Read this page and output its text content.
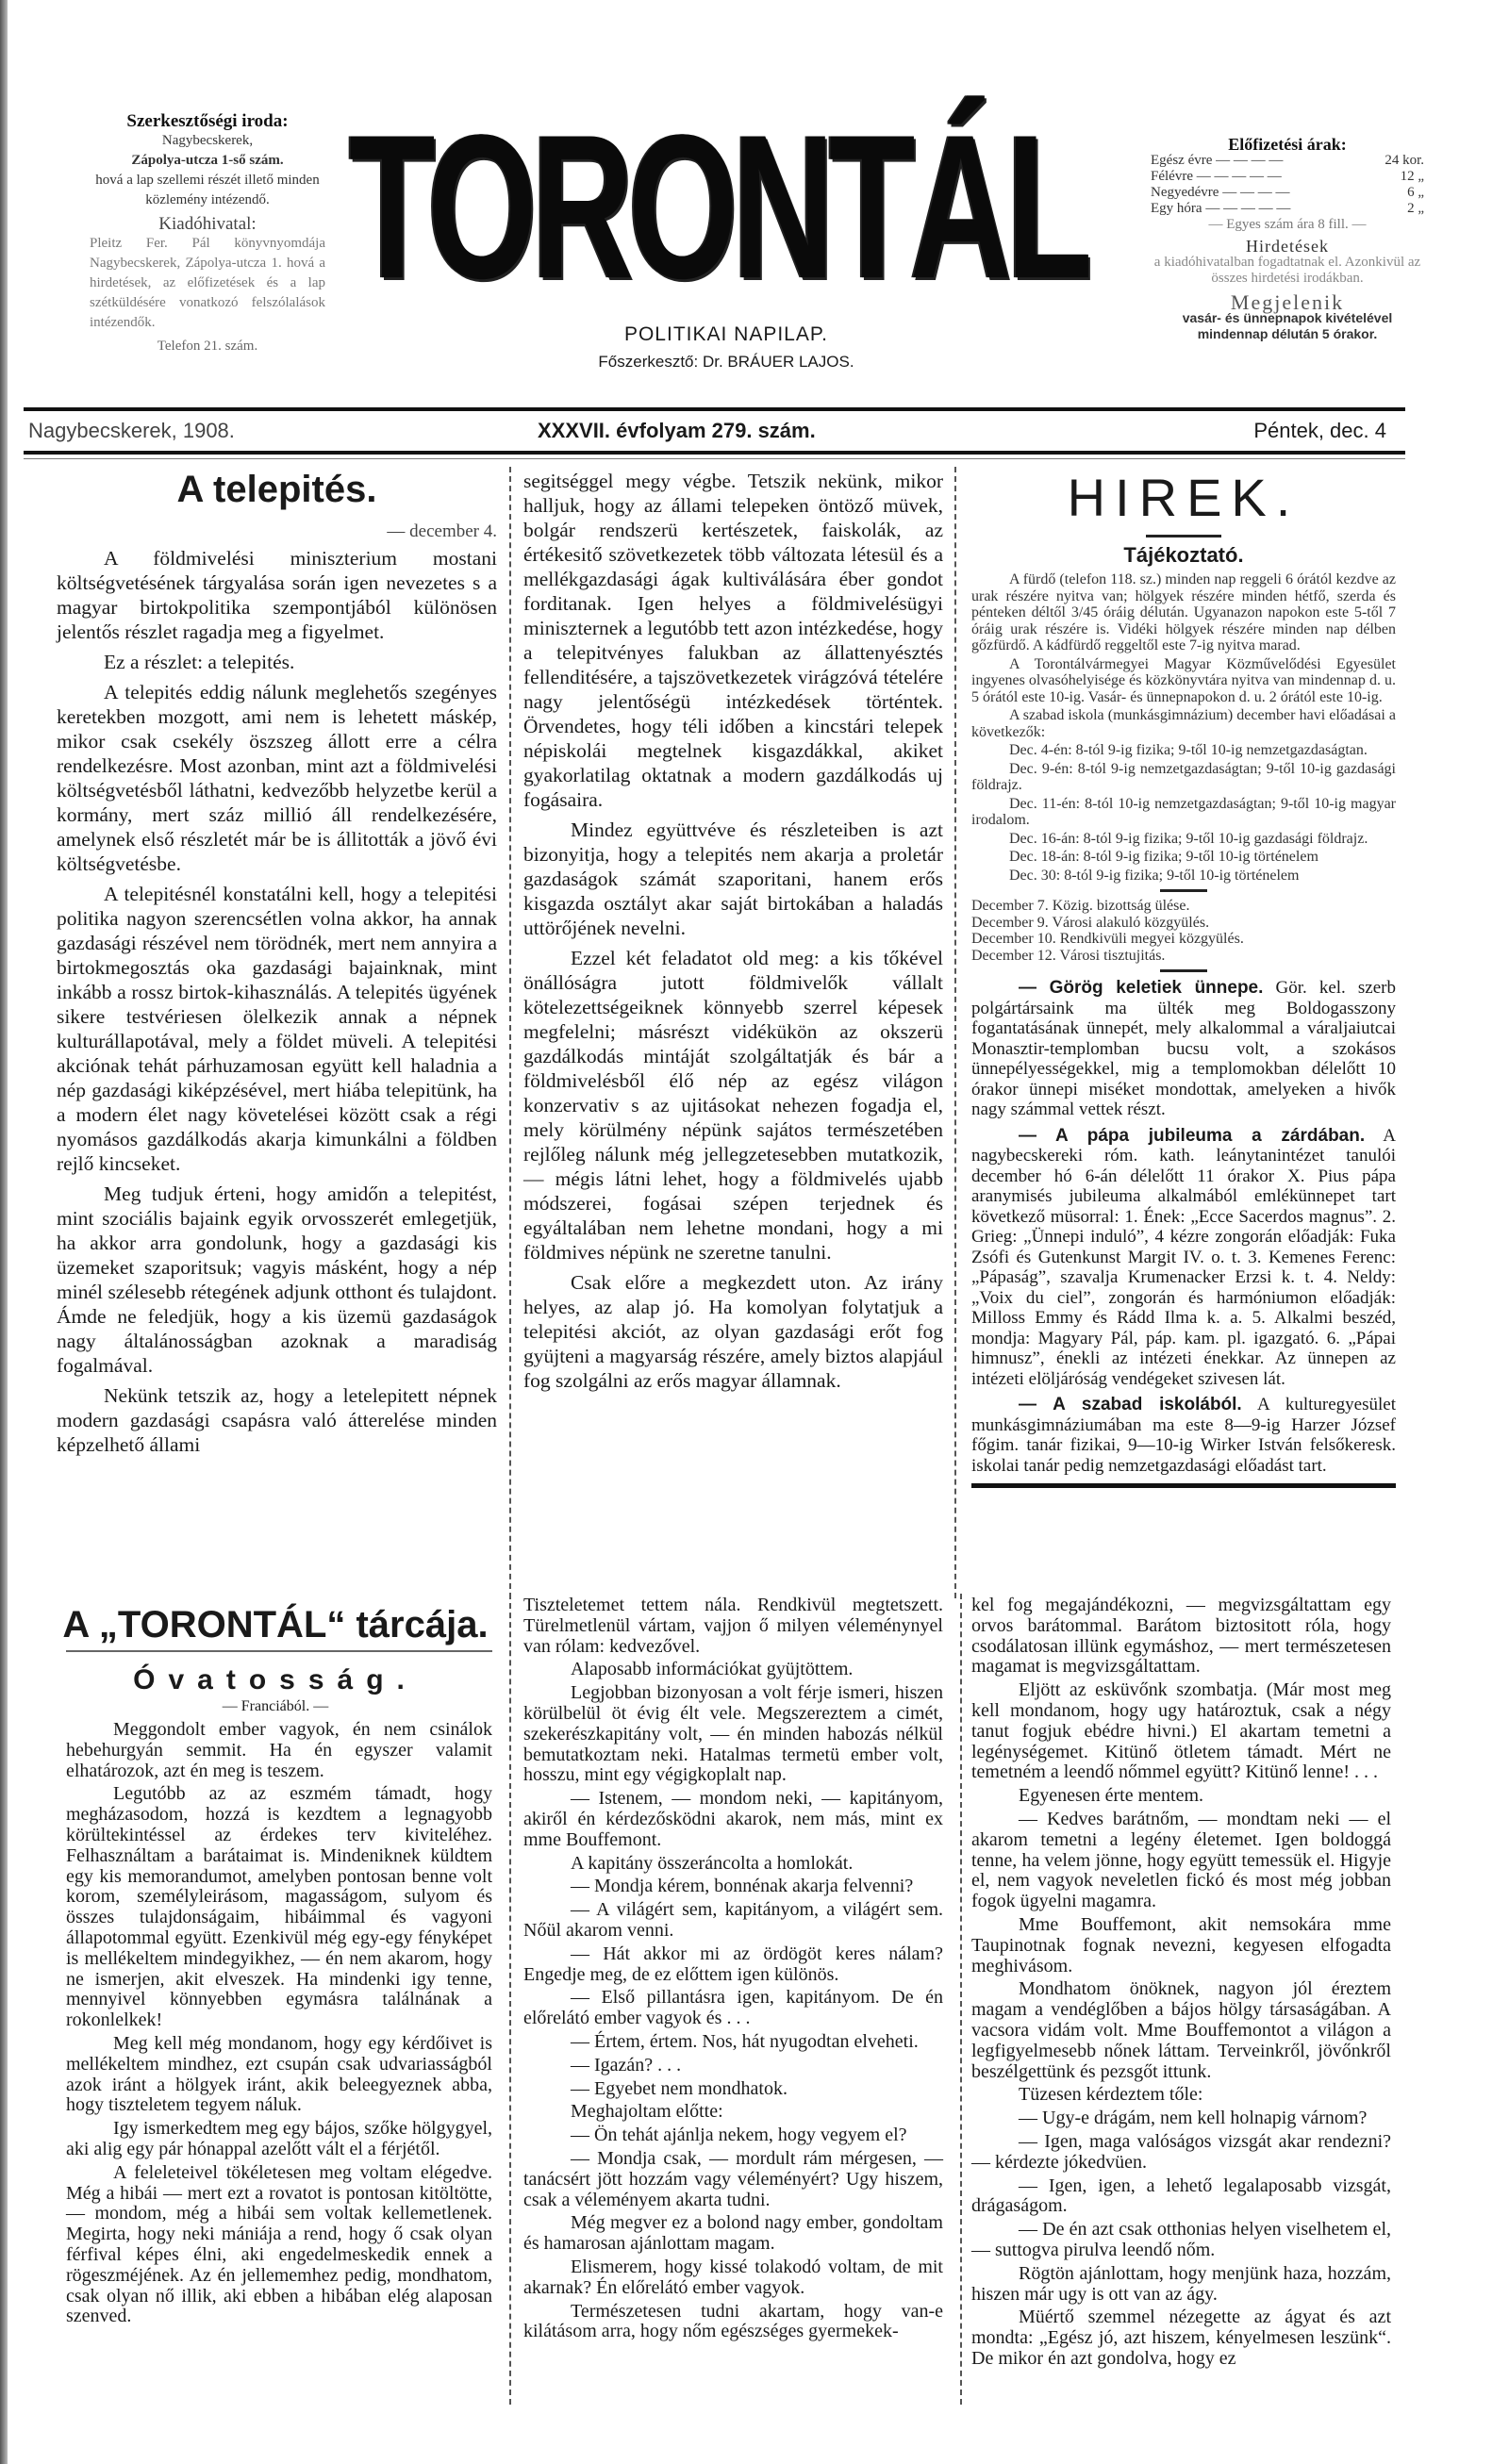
Szerkesztőségi iroda:
Nagybecskerek,
Zápolya-utcza 1-ső szám.
hová a lap szellemi részét illető minden közlemény intézendő.
Kiadóhivatal:
Pleitz Fer. Pál könyvnyomdája Nagybecskerek, Zápolya-utcza 1. hová a hirdetések, az előfizetések és a lap szétküldésére vonatkozó felszólalások intézendők.
Telefon 21. szám.
TORONTÁL
POLITIKAI NAPILAP.
Főszerkesztő: Dr. BRÁUER LAJOS.
Előfizetési árak:
Egész évre — — — —	24 kor.
Félévre — — — — —	12 „
Negyedévre — — — —	6 „
Egy hóra — — — — —	2 „
— Egyes szám ára 8 fill. —
Hirdetések
a kiadóhivatalban fogadtatnak el. Azonkivül az összes hirdetési irodákban.
Megjelenik
vasár- és ünnepnapok kivételével mindennap délután 5 órakor.
Nagybecskerek, 1908.	XXXVII. évfolyam 279. szám.	Péntek, dec. 4
A telepités.
— december 4.

A földmivelési miniszterium mostani költségvetésének tárgyalása során igen nevezetes s a magyar birtokpolitika szempontjából különösen jelentős részlet ragadja meg a figyelmet.

Ez a részlet: a telepités.

A telepités eddig nálunk meglehetős szegényes keretekben mozgott, ami nem is lehetett máskép, mikor csak csekély öszszeg állott erre a célra rendelkezésre. Most azonban, mint azt a földmivelési költségvetésből láthatni, kedvezőbb helyzetbe kerül a kormány, mert száz millió áll rendelkezésére, amelynek első részletét már be is állitották a jövő évi költségvetésbe.

A telepitésnél konstatálni kell, hogy a telepitési politika nagyon szerencsétlen volna akkor, ha annak gazdasági részével nem törödnék, mert nem annyira a birtokmegosztás oka gazdasági bajainknak, mint inkább a rossz birtok-kihasználás. A telepités ügyének sikere testvériesen ölelkezik annak a népnek kulturállapotával, mely a földet müveli. A telepitési akciónak tehát párhuzamosan együtt kell haladnia a nép gazdasági kiképzésével, mert hiába telepitünk, ha a modern élet nagy követelései között csak a régi nyomásos gazdálkodás akarja kimunkálni a földben rejlő kincseket.

Meg tudjuk érteni, hogy amidőn a telepitést, mint szociális bajaink egyik orvosszerét emlegetjük, ha akkor arra gondolunk, hogy a gazdasági kis üzemeket szaporitsuk; vagyis másként, hogy a nép minél szélesebb rétegének adjunk otthont és tulajdont. Ámde ne feledjük, hogy a kis üzemü gazdaságok nagy általánosságban azoknak a maradiság fogalmával.

Nekünk tetszik az, hogy a letelepitett népnek modern gazdasági csapásra való átterelése minden képzelhető állami

segitséggel megy végbe. Tetszik nekünk, mikor halljuk, hogy az állami telepeken öntöző müvek, bolgár rendszerü kertészetek, faiskolák, az értékesitő szövetkezetek több változata létesül és a mellékgazdasági ágak kultiválására éber gondot forditanak. Igen helyes a földmivelésügyi miniszternek a legutóbb tett azon intézkedése, hogy a telepitvényes falukban az állattenyésztés fellenditésére, a tajszövetkezetek virágzóvá tételére nagy jelentőségü intézkedések történtek. Örvendetes, hogy téli időben a kincstári telepek népiskolái megtelnek kisgazdákkal, akiket gyakorlatilag oktatnak a modern gazdálkodás uj fogásaira.

Mindez együttvéve és részleteiben is azt bizonyitja, hogy a telepités nem akarja a proletár gazdaságok számát szaporitani, hanem erős kisgazda osztályt akar saját birtokában a haladás uttörőjének nevelni.

Ezzel két feladatot old meg: a kis tőkével önállóságra jutott földmivelők vállalt kötelezettségeiknek könnyebb szerrel képesek megfelelni; másrészt vidékükön az okszerü gazdálkodás mintáját szolgáltatják és bár a földmivelésből élő nép az egész világon konzervativ s az ujitásokat nehezen fogadja el, mely körülmény népünk sajátos természetében rejlőleg nálunk még jellegzetesebben mutatkozik, — mégis látni lehet, hogy a földmivelés ujabb módszerei, fogásai szépen terjednek és egyáltalában nem lehetne mondani, hogy a mi földmives népünk ne szeretne tanulni.

Csak előre a megkezdett uton. Az irány helyes, az alap jó. Ha komolyan folytatjuk a telepitési akciót, az olyan gazdasági erőt fog gyüjteni a magyarság részére, amely biztos alapjául fog szolgálni az erős magyar államnak.

HIREK.
Tájékoztató.

A fürdő (telefon 118. sz.) minden nap reggeli 6 órától kezdve az urak részére nyitva van; hölgyek részére minden hétfő, szerda és pénteken déltől 3/45 óráig délután. Ugyanazon napokon este 5-től 7 óráig urak részére is. Vidéki hölgyek részére minden nap délben gőzfürdő. A kádfürdő reggeltől este 7-ig nyitva marad.

A Torontálvármegyei Magyar Közművelődési Egyesület ingyenes olvasóhelyisége és közkönyvtára nyitva van mindennap d. u. 5 órától este 10-ig. Vasár- és ünnepnapokon d. u. 2 órától este 10-ig.

A szabad iskola (munkásgimnázium) december havi előadásai a következők:

Dec. 4-én: 8-tól 9-ig fizika; 9-től 10-ig nemzetgazdaságtan.

Dec. 9-én: 8-tól 9-ig nemzetgazdaságtan; 9-től 10-ig gazdasági földrajz.

Dec. 11-én: 8-tól 10-ig nemzetgazdaságtan; 9-től 10-ig magyar irodalom.

Dec. 16-án: 8-tól 9-ig fizika; 9-től 10-ig gazdasági földrajz.

Dec. 18-án: 8-tól 9-ig fizika; 9-től 10-ig történelem

Dec. 30: 8-tól 9-ig fizika; 9-től 10-ig történelem

December 7. Közig. bizottság ülése.
December 9. Városi alakuló közgyülés.
December 10. Rendkivüli megyei közgyülés.
December 12. Városi tisztujitás.

— Görög keletiek ünnepe. Gör. kel. szerb polgártársaink ma ülték meg Boldogasszony fogantatásának ünnepét, mely alkalommal a váraljaiutcai Monasztir-templomban bucsu volt, a szokásos ünnepélyességekkel, mig a templomokban délelőtt 10 órakor ünnepi miséket mondottak, amelyeken a hivők nagy számmal vettek részt.

— A pápa jubileuma a zárdában. A nagybecskereki róm. kath. leánytanintézet tanulói december hó 6-án délelőtt 11 órakor X. Pius pápa aranymisés jubileuma alkalmából emlékünnepet tart következő müsorral: 1. Ének: „Ecce Sacerdos magnus”. 2. Grieg: „Ünnepi induló”, 4 kézre zongorán előadják: Fuka Zsófi és Gutenkunst Margit IV. o. t. 3. Kemenes Ferenc: „Pápaság”, szavalja Krumenacker Erzsi k. t. 4. Neldy: „Voix du ciel”, zongorán és harmóniumon előadják: Milloss Emmy és Rádd Ilma k. a. 5. Alkalmi beszéd, mondja: Magyary Pál, páp. kam. pl. igazgató. 6. „Pápai himnusz”, énekli az intézeti énekkar. Az ünnepen az intézeti elöljáróság vendégeket szivesen lát.

— A szabad iskolából. A kulturegyesület munkásgimnáziumában ma este 8—9-ig Harzer József főgim. tanár fizikai, 9—10-ig Wirker István felsőkeresk. iskolai tanár pedig nemzetgazdasági előadást tart.

A „TORONTÁL“ tárcája.
Óvatosság.
— Franciából. —

Meggondolt ember vagyok, én nem csinálok hebehurgyán semmit. Ha én egyszer valamit elhatározok, azt én meg is teszem.

Legutóbb az az eszmém támadt, hogy megházasodom, hozzá is kezdtem a legnagyobb körültekintéssel az érdekes terv kiviteléhez. Felhasználtam a barátaimat is. Mindeniknek küldtem egy kis memorandumot, amelyben pontosan benne volt korom, személyleirásom, magasságom, sulyom és összes tulajdonságaim, hibáimmal és vagyoni állapotommal együtt. Ezenkivül még egy-egy fényképet is mellékeltem mindegyikhez, — én nem akarom, hogy ne ismerjen, akit elveszek. Ha mindenki igy tenne, mennyivel könnyebben egymásra találnának a rokonlelkek!

Meg kell még mondanom, hogy egy kérdőivet is mellékeltem mindhez, ezt csupán csak udvariasságból azok iránt a hölgyek iránt, akik beleegyeznek abba, hogy tiszteletem tegyem náluk.

Igy ismerkedtem meg egy bájos, szőke hölgygyel, aki alig egy pár hónappal azelőtt vált el a férjétől.

A feleleteivel tökéletesen meg voltam elégedve. Még a hibái — mert ezt a rovatot is pontosan kitöltötte, — mondom, még a hibái sem voltak kellemetlenek. Megirta, hogy neki mániája a rend, hogy ő csak olyan férfival képes élni, aki engedelmeskedik ennek a rögeszméjének. Az én jellememhez pedig, mondhatom, csak olyan nő illik, aki ebben a hibában elég alaposan szenved.

Tiszteletemet tettem nála. Rendkivül megtetszett. Türelmetlenül vártam, vajjon ő milyen véleménynyel van rólam: kedvezővel.

Alaposabb információkat gyüjtöttem.

Legjobban bizonyosan a volt férje ismeri, hiszen körülbelül öt évig élt vele. Megszereztem a cimét, szekerészkapitány volt, — én minden habozás nélkül bemutatkoztam neki. Hatalmas termetü ember volt, hosszu, mint egy végigkoplalt nap.

— Istenem, — mondom neki, — kapitányom, akiről én kérdezősködni akarok, nem más, mint ex mme Bouffemont.

A kapitány összeráncolta a homlokát.

— Mondja kérem, bonnénak akarja felvenni?

— A világért sem, kapitányom, a világért sem. Nőül akarom venni.

— Hát akkor mi az ördögöt keres nálam? Engedje meg, de ez előttem igen különös.

— Első pillantásra igen, kapitányom. De én előrelátó ember vagyok és . . .

— Értem, értem. Nos, hát nyugodtan elveheti.

— Igazán? . . .

— Egyebet nem mondhatok.

Meghajoltam előtte:

— Ön tehát ajánlja nekem, hogy vegyem el?

— Mondja csak, — mordult rám mérgesen, — tanácsért jött hozzám vagy véleményért? Ugy hiszem, csak a véleményem akarta tudni.

Még megver ez a bolond nagy ember, gondoltam és hamarosan ajánlottam magam.

Elismerem, hogy kissé tolakodó voltam, de mit akarnak? Én előrelátó ember vagyok.

Természetesen tudni akartam, hogy van-e kilátásom arra, hogy nőm egészséges gyermekek-

kel fog megajándékozni, — megvizsgáltattam egy orvos barátommal. Barátom biztositott róla, hogy csodálatosan illünk egymáshoz, — mert természetesen magamat is megvizsgáltattam.

Eljött az esküvőnk szombatja. (Már most meg kell mondanom, hogy ugy határoztuk, csak a négy tanut fogjuk ebédre hivni.) El akartam temetni a legénységemet. Kitünő ötletem támadt. Mért ne temetném a leendő nőmmel együtt? Kitünő lenne! . . .

Egyenesen érte mentem.

— Kedves barátnőm, — mondtam neki — el akarom temetni a legény életemet. Igen boldoggá tenne, ha velem jönne, hogy együtt temessük el. Higyje el, nem vagyok neveletlen fickó és most még jobban fogok ügyelni magamra.

Mme Bouffemont, akit nemsokára mme Taupinotnak fognak nevezni, kegyesen elfogadta meghivásom.

Mondhatom önöknek, nagyon jól éreztem magam a vendéglőben a bájos hölgy társaságában. A vacsora vidám volt. Mme Bouffemontot a világon a legfigyelmesebb nőnek láttam. Terveinkről, jövőnkről beszélgettünk és pezsgőt ittunk.

Tüzesen kérdeztem tőle:

— Ugy-e drágám, nem kell holnapig várnom?

— Igen, maga valóságos vizsgát akar rendezni? — kérdezte jókedvüen.

— Igen, igen, a lehető legalaposabb vizsgát, drágaságom.

— De én azt csak otthonias helyen viselhetem el, — suttogva pirulva leendő nőm.

Rögtön ajánlottam, hogy menjünk haza, hozzám, hiszen már ugy is ott van az ágy.

Müértő szemmel nézegette az ágyat és azt mondta: „Egész jó, azt hiszem, kényelmesen leszünk“. De mikor én azt gondolva, hogy ez
